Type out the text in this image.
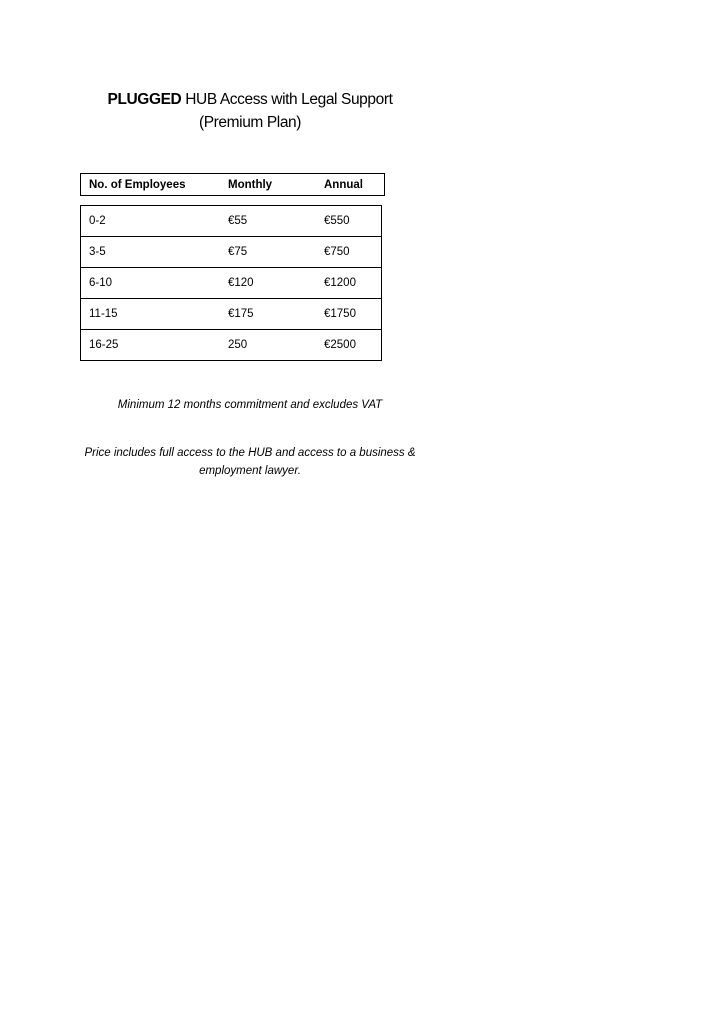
PLUGGED HUB Access with Legal Support
(Premium Plan)
No. of Employees	Monthly	Annual
0-2	€55	€550
3-5	€75	€750
6-10	€120	€1200
11-15	€175	€1750
16-25	250	€2500
Minimum 12 months commitment and excludes VAT
Price includes full access to the HUB and access to a business & employment lawyer.
